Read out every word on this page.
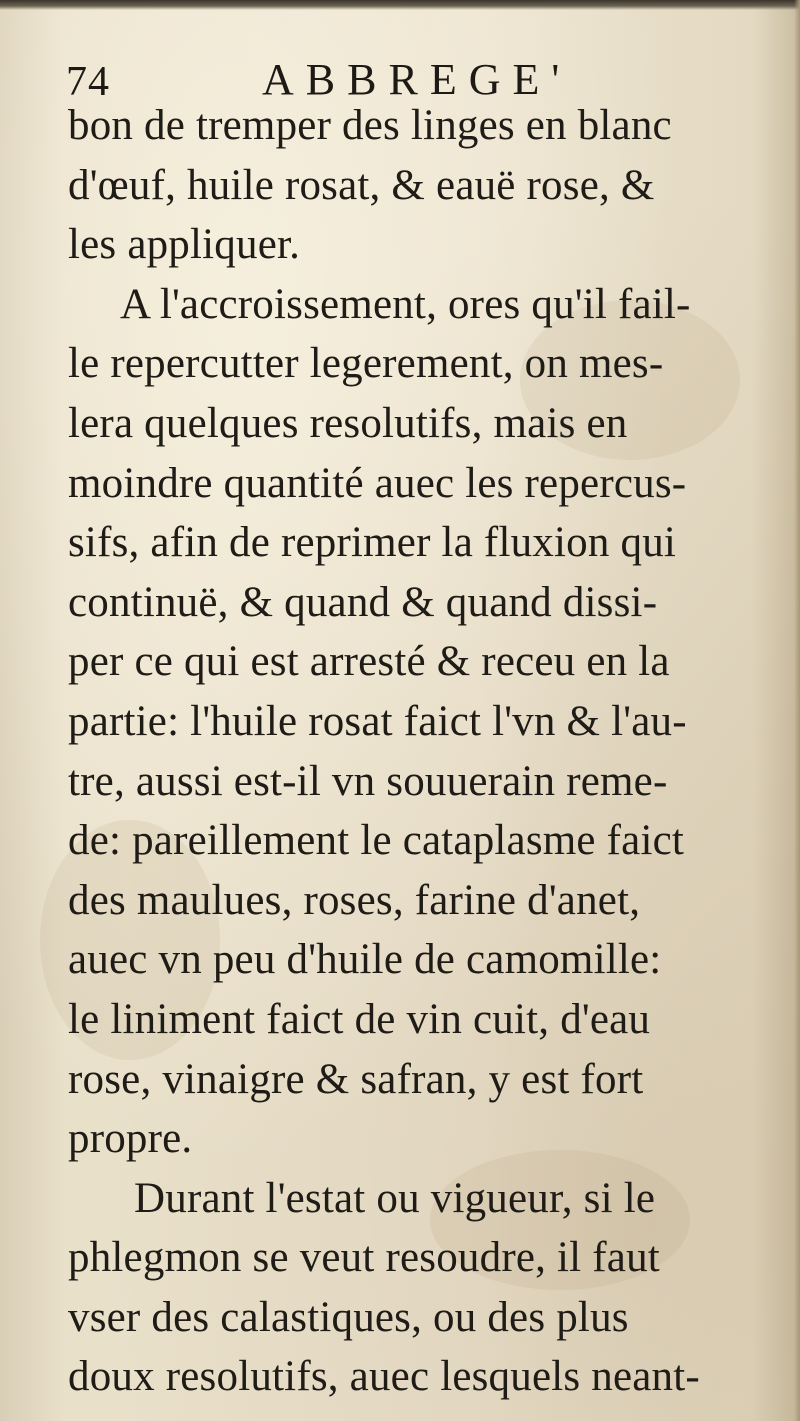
74	ABBREGE'
bon de tremper des linges en blanc
d'œuf, huile rosat, & eauë rose, &
les appliquer.
A l'accroissement, ores qu'il fail-
le repercutter legerement, on mes-
lera quelques resolutifs, mais en
moindre quantité auec les repercus-
sifs, afin de reprimer la fluxion qui
continuë, & quand & quand dissi-
per ce qui est arresté & receu en la
partie: l'huile rosat faict l'vn & l'au-
tre, aussi est-il vn souuerain reme-
de: pareillement le cataplasme faict
des maulues, roses, farine d'anet,
auec vn peu d'huile de camomille:
le liniment faict de vin cuit, d'eau
rose, vinaigre & safran, y est fort
propre.
Durant l'estat ou vigueur, si le
phlegmon se veut resoudre, il faut
vser des calastiques, ou des plus
doux resolutifs, auec lesquels neant-
